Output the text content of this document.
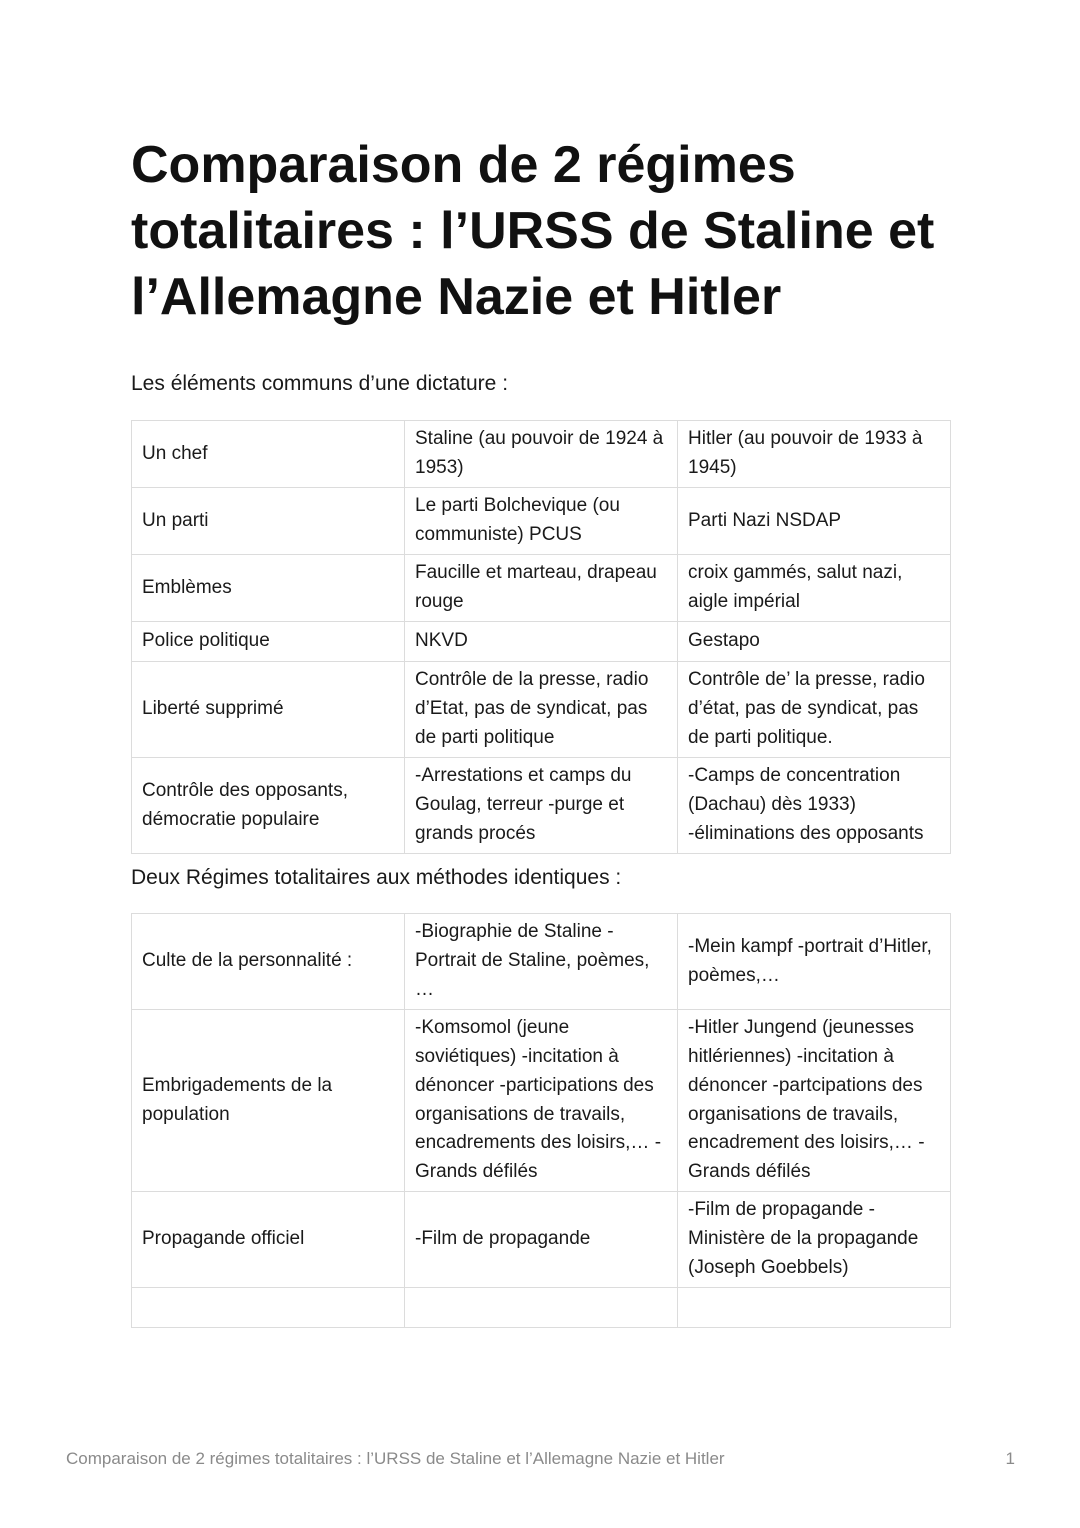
Comparaison de 2 régimes totalitaires : l’URSS de Staline et l’Allemagne Nazie et Hitler
Les éléments communs d’une dictature :
Un chef	Staline (au pouvoir de 1924 à 1953)	Hitler (au pouvoir de 1933 à 1945)
Un parti	Le parti Bolchevique (ou communiste) PCUS	Parti Nazi NSDAP
Emblèmes	Faucille et marteau, drapeau rouge	croix gammés, salut nazi, aigle impérial
Police politique	NKVD	Gestapo
Liberté supprimé	Contrôle de la presse, radio d’Etat, pas de syndicat, pas de parti politique	Contrôle de’ la presse, radio d’état, pas de syndicat, pas de parti politique.
Contrôle des opposants, démocratie populaire	-Arrestations et camps du Goulag, terreur -purge et grands procés	-Camps de concentration (Dachau) dès 1933) -éliminations des opposants
Deux Régimes totalitaires aux méthodes identiques :
Culte de la personnalité :	-Biographie de Staline - Portrait de Staline, poèmes, …	-Mein kampf -portrait d’Hitler, poèmes,…
Embrigadements de la population	-Komsomol (jeune soviétiques) -incitation à dénoncer -participations des organisations de travails, encadrements des loisirs,… - Grands défilés	-Hitler Jungend (jeunesses hitlériennes) -incitation à dénoncer -partcipations des organisations de travails, encadrement des loisirs,… - Grands défilés
Propagande officiel	-Film de propagande	-Film de propagande - Ministère de la propagande (Joseph Goebbels)

Comparaison de 2 régimes totalitaires : l’URSS de Staline et l’Allemagne Nazie et Hitler	1
